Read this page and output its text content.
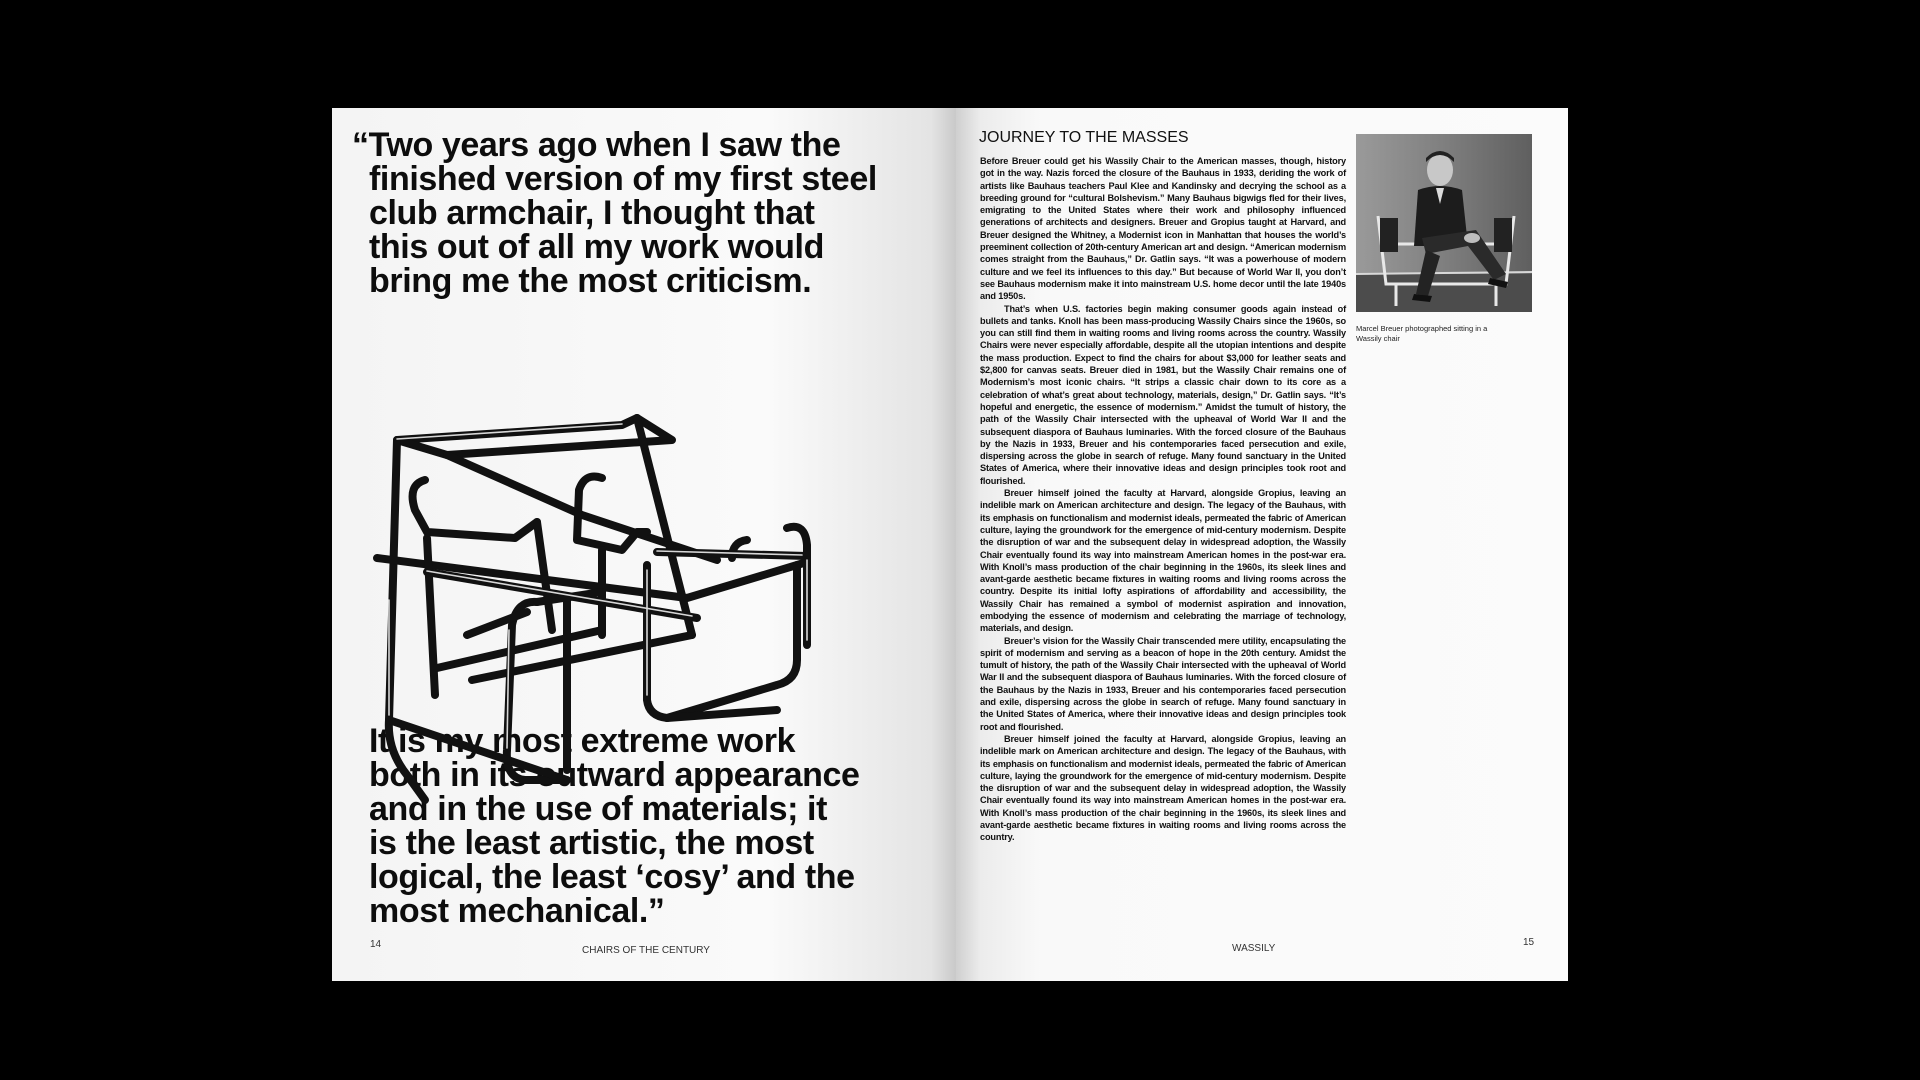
“Two years ago when I saw the
finished version of my first steel
club armchair, I thought that
this out of all my work would
bring me the most criticism.
It is my most extreme work
both in its outward appearance
and in the use of materials; it
is the least artistic, the most
logical, the least ‘cosy’ and the
most mechanical.”
14
CHAIRS OF THE CENTURY
JOURNEY TO THE MASSES

Before Breuer could get his Wassily Chair to the American masses, though, history got in the way. Nazis forced the closure of the Bauhaus in 1933, deriding the work of artists like Bauhaus teachers Paul Klee and Kandinsky and decrying the school as a breeding ground for “cultural Bolshevism.” Many Bauhaus bigwigs fled for their lives, emigrating to the United States where their work and philosophy influenced generations of architects and designers. Breuer and Gropius taught at Harvard, and Breuer designed the Whitney, a Modernist icon in Manhattan that houses the world’s preeminent collection of 20th-century American art and design. “American modernism comes straight from the Bauhaus,” Dr. Gatlin says. “It was a powerhouse of modern culture and we feel its influences to this day.” But because of World War II, you don’t see Bauhaus modernism make it into mainstream U.S. home decor until the late 1940s and 1950s.

That’s when U.S. factories begin making consumer goods again instead of bullets and tanks. Knoll has been mass-producing Wassily Chairs since the 1960s, so you can still find them in waiting rooms and living rooms across the country. Wassily Chairs were never especially affordable, despite all the utopian intentions and despite the mass production. Expect to find the chairs for about $3,000 for leather seats and $2,800 for canvas seats. Breuer died in 1981, but the Wassily Chair remains one of Modernism’s most iconic chairs. “It strips a classic chair down to its core as a celebration of what’s great about technology, materials, design,” Dr. Gatlin says. “It’s hopeful and energetic, the essence of modernism.” Amidst the tumult of history, the path of the Wassily Chair intersected with the upheaval of World War II and the subsequent diaspora of Bauhaus luminaries. With the forced closure of the Bauhaus by the Nazis in 1933, Breuer and his contemporaries faced persecution and exile, dispersing across the globe in search of refuge. Many found sanctuary in the United States of America, where their innovative ideas and design principles took root and flourished.

Breuer himself joined the faculty at Harvard, alongside Gropius, leaving an indelible mark on American architecture and design. The legacy of the Bauhaus, with its emphasis on functionalism and modernist ideals, permeated the fabric of American culture, laying the groundwork for the emergence of mid-century modernism. Despite the disruption of war and the subsequent delay in widespread adoption, the Wassily Chair eventually found its way into mainstream American homes in the post-war era. With Knoll’s mass production of the chair beginning in the 1960s, its sleek lines and avant-garde aesthetic became fixtures in waiting rooms and living rooms across the country. Despite its initial lofty aspirations of affordability and accessibility, the Wassily Chair has remained a symbol of modernist aspiration and innovation, embodying the essence of modernism and celebrating the marriage of technology, materials, and design.

Breuer’s vision for the Wassily Chair transcended mere utility, encapsulating the spirit of modernism and serving as a beacon of hope in the 20th century. Amidst the tumult of history, the path of the Wassily Chair intersected with the upheaval of World War II and the subsequent diaspora of Bauhaus luminaries. With the forced closure of the Bauhaus by the Nazis in 1933, Breuer and his contemporaries faced persecution and exile, dispersing across the globe in search of refuge. Many found sanctuary in the United States of America, where their innovative ideas and design principles took root and flourished.

Breuer himself joined the faculty at Harvard, alongside Gropius, leaving an indelible mark on American architecture and design. The legacy of the Bauhaus, with its emphasis on functionalism and modernist ideals, permeated the fabric of American culture, laying the groundwork for the emergence of mid-century modernism. Despite the disruption of war and the subsequent delay in widespread adoption, the Wassily Chair eventually found its way into mainstream American homes in the post-war era. With Knoll’s mass production of the chair beginning in the 1960s, its sleek lines and avant-garde aesthetic became fixtures in waiting rooms and living rooms across the country.

Marcel Breuer photographed sitting in a Wassily chair
WASSILY
15
